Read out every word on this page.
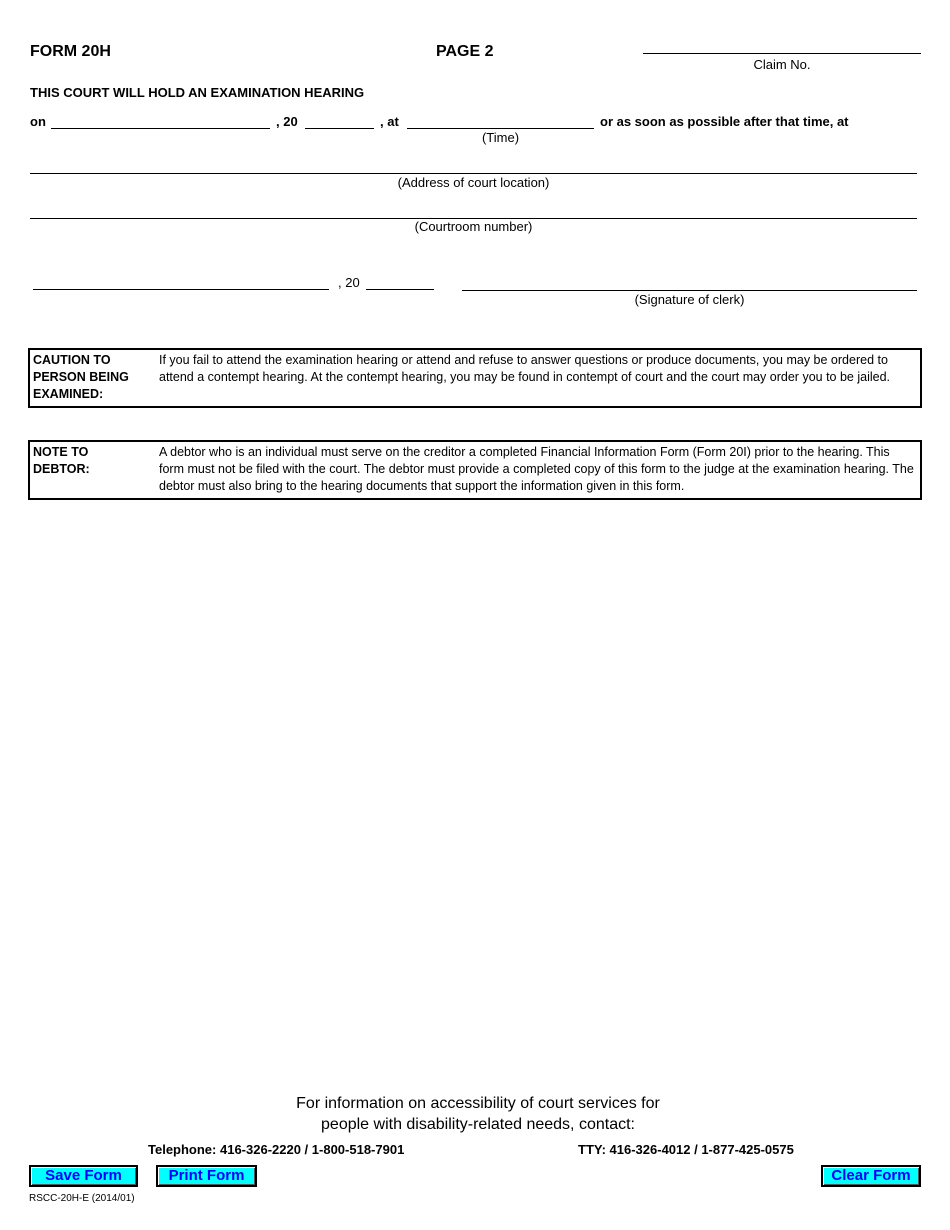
FORM 20H	PAGE 2
Claim No.
THIS COURT WILL HOLD AN EXAMINATION HEARING
on	, 20	, at
(Time)
or as soon as possible after that time, at
(Address of court location)
(Courtroom number)
, 20
(Signature of clerk)
CAUTION TO
PERSON BEING
EXAMINED:
If you fail to attend the examination hearing or attend and refuse to answer questions or produce documents, you may be ordered to attend a contempt hearing. At the contempt hearing, you may be found in contempt of court and the court may order you to be jailed.
NOTE TO
DEBTOR:
A debtor who is an individual must serve on the creditor a completed Financial Information Form (Form 20I) prior to the hearing. This form must not be filed with the court. The debtor must provide a completed copy of this form to the judge at the examination hearing. The debtor must also bring to the hearing documents that support the information given in this form.
For information on accessibility of court services for
people with disability-related needs, contact:
Telephone: 416-326-2220 / 1-800-518-7901	TTY: 416-326-4012 / 1-877-425-0575
Save Form	Print Form	Clear Form
RSCC-20H-E (2014/01)
